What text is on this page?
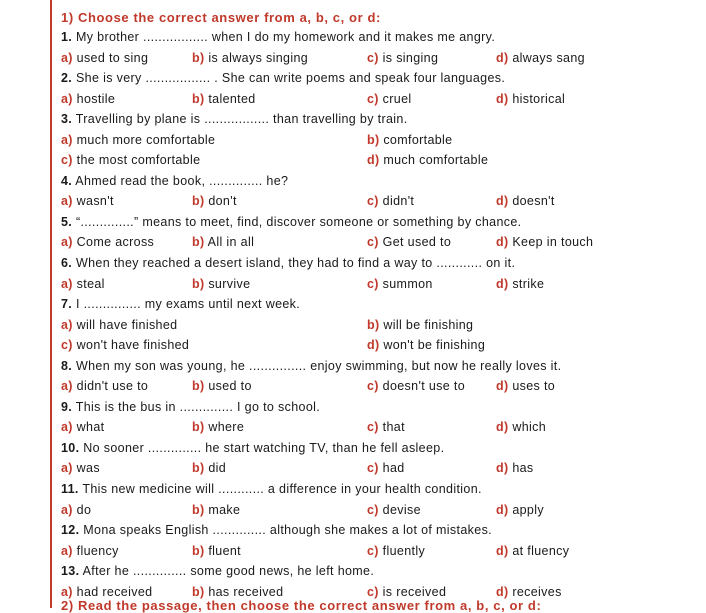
1) Choose the correct answer from a, b, c, or d:
1. My brother ................. when I do my homework and it makes me angry.
a) used to sing	b) is always singing	c) is singing	d) always sang
2. She is very ................. . She can write poems and speak four languages.
a) hostile	b) talented	c) cruel	d) historical
3. Travelling by plane is ................. than travelling by train.
a) much more comfortable	b) comfortable
c) the most comfortable	d) much comfortable
4. Ahmed read the book, .............. he?
a) wasn't	b) don't	c) didn't	d) doesn't
5. “..............” means to meet, find, discover someone or something by chance.
a) Come across	b) All in all	c) Get used to	d) Keep in touch
6. When they reached a desert island, they had to find a way to ............ on it.
a) steal	b) survive	c) summon	d) strike
7. I ............... my exams until next week.
a) will have finished	b) will be finishing
c) won't have finished	d) won't be finishing
8. When my son was young, he ............... enjoy swimming, but now he really loves it.
a) didn't use to	b) used to	c) doesn't use to d) uses to
9. This is the bus in .............. I go to school.
a) what	b) where	c) that	d) which
10. No sooner .............. he start watching TV, than he fell asleep.
a) was	b) did	c) had	d) has
11. This new medicine will ............ a difference in your health condition.
a) do	b) make	c) devise	d) apply
12. Mona speaks English .............. although she makes a lot of mistakes.
a) fluency	b) fluent	c) fluently	d) at fluency
13. After he .............. some good news, he left home.
a) had received	b) has received	c) is received	d) receives
2) Read the passage, then choose the correct answer from a, b, c, or d:
